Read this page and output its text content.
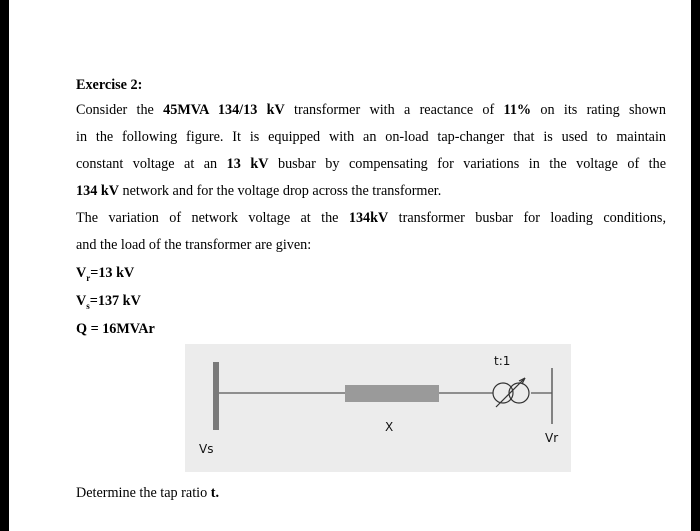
Exercise 2:
Consider the 45MVA 134/13 kV transformer with a reactance of 11% on its rating shown
in the following figure. It is equipped with an on-load tap-changer that is used to maintain
constant voltage at an 13 kV busbar by compensating for variations in the voltage of the
134 kV network and for the voltage drop across the transformer.
The variation of network voltage at the 134kV transformer busbar for loading conditions,
and the load of the transformer are given:
$V_r=13$ kV
$V_s=137$ kV
Q = 16MVAr
Determine the tap ratio t.
X
t:1
Vr
Vs
